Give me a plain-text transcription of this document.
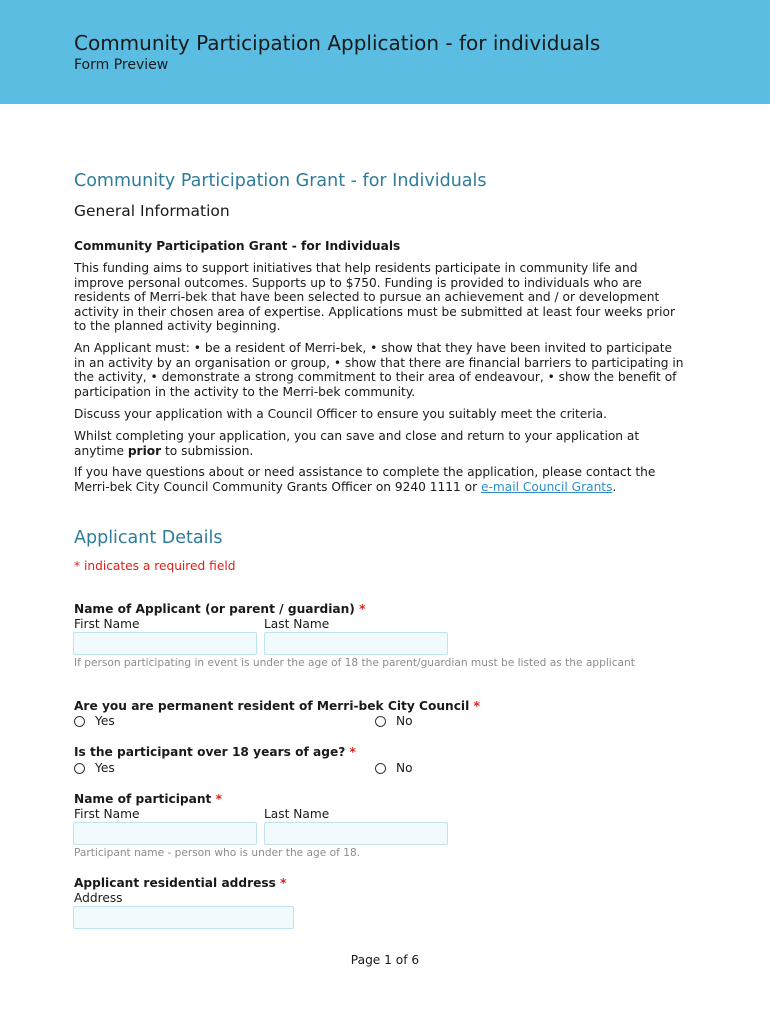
Community Participation Application - for individuals
Form Preview
Community Participation Grant - for Individuals
General Information
Community Participation Grant - for Individuals
This funding aims to support initiatives that help residents participate in community life and improve personal outcomes. Supports up to $750. Funding is provided to individuals who are residents of Merri-bek that have been selected to pursue an achievement and / or development activity in their chosen area of expertise. Applications must be submitted at least four weeks prior to the planned activity beginning.
An Applicant must: • be a resident of Merri-bek, • show that they have been invited to participate in an activity by an organisation or group, • show that there are financial barriers to participating in the activity, • demonstrate a strong commitment to their area of endeavour, • show the benefit of participation in the activity to the Merri-bek community.
Discuss your application with a Council Officer to ensure you suitably meet the criteria.
Whilst completing your application, you can save and close and return to your application at anytime prior to submission.
If you have questions about or need assistance to complete the application, please contact the Merri-bek City Council Community Grants Officer on 9240 1111 or e-mail Council Grants.
Applicant Details
* indicates a required field
Name of Applicant (or parent / guardian) *
First Name	Last Name
If person participating in event is under the age of 18 the parent/guardian must be listed as the applicant
Are you are permanent resident of Merri-bek City Council *
Yes	No
Is the participant over 18 years of age? *
Yes	No
Name of participant *
First Name	Last Name
Participant name - person who is under the age of 18.
Applicant residential address *
Address
Page 1 of 6
